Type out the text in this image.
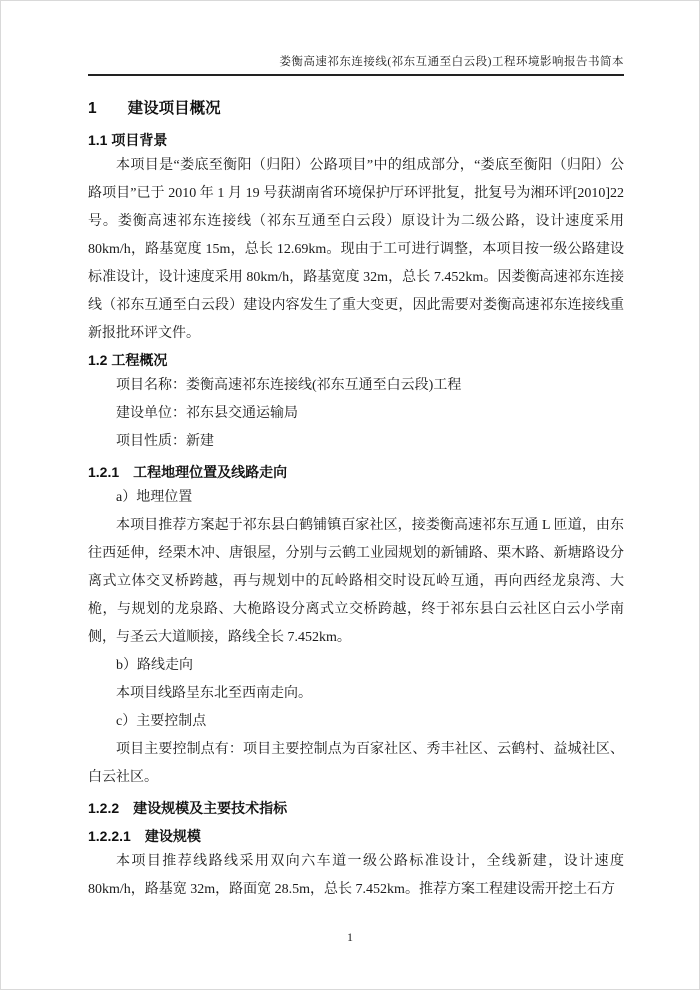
娄衡高速祁东连接线(祁东互通至白云段)工程环境影响报告书简本
1　　建设项目概况
1.1 项目背景

本项目是“娄底至衡阳（归阳）公路项目”中的组成部分，“娄底至衡阳（归阳）公路项目”已于 2010 年 1 月 19 号获湖南省环境保护厅环评批复，批复号为湘环评[2010]22号。娄衡高速祁东连接线（祁东互通至白云段）原设计为二级公路，设计速度采用 80km/h，路基宽度 15m，总长 12.69km。现由于工可进行调整，本项目按一级公路建设标准设计，设计速度采用 80km/h，路基宽度 32m，总长 7.452km。因娄衡高速祁东连接线（祁东互通至白云段）建设内容发生了重大变更，因此需要对娄衡高速祁东连接线重新报批环评文件。

1.2 工程概况
项目名称：娄衡高速祁东连接线(祁东互通至白云段)工程
建设单位：祁东县交通运输局
项目性质：新建
1.2.1　工程地理位置及线路走向
a）地理位置

本项目推荐方案起于祁东县白鹤铺镇百家社区，接娄衡高速祁东互通 L 匝道，由东往西延伸，经栗木冲、唐银屋，分别与云鹤工业园规划的新铺路、栗木路、新塘路设分离式立体交叉桥跨越，再与规划中的瓦岭路相交时设瓦岭互通，再向西经龙泉湾、大桅，与规划的龙泉路、大桅路设分离式立交桥跨越，终于祁东县白云社区白云小学南侧，与圣云大道顺接，路线全长 7.452km。

b）路线走向

本项目线路呈东北至西南走向。

c）主要控制点

项目主要控制点有：项目主要控制点为百家社区、秀丰社区、云鹤村、益城社区、白云社区。

1.2.2　建设规模及主要技术指标
1.2.2.1　建设规模

本项目推荐线路线采用双向六车道一级公路标准设计，全线新建，设计速度 80km/h，路基宽 32m，路面宽 28.5m，总长 7.452km。推荐方案工程建设需开挖土石方

1
